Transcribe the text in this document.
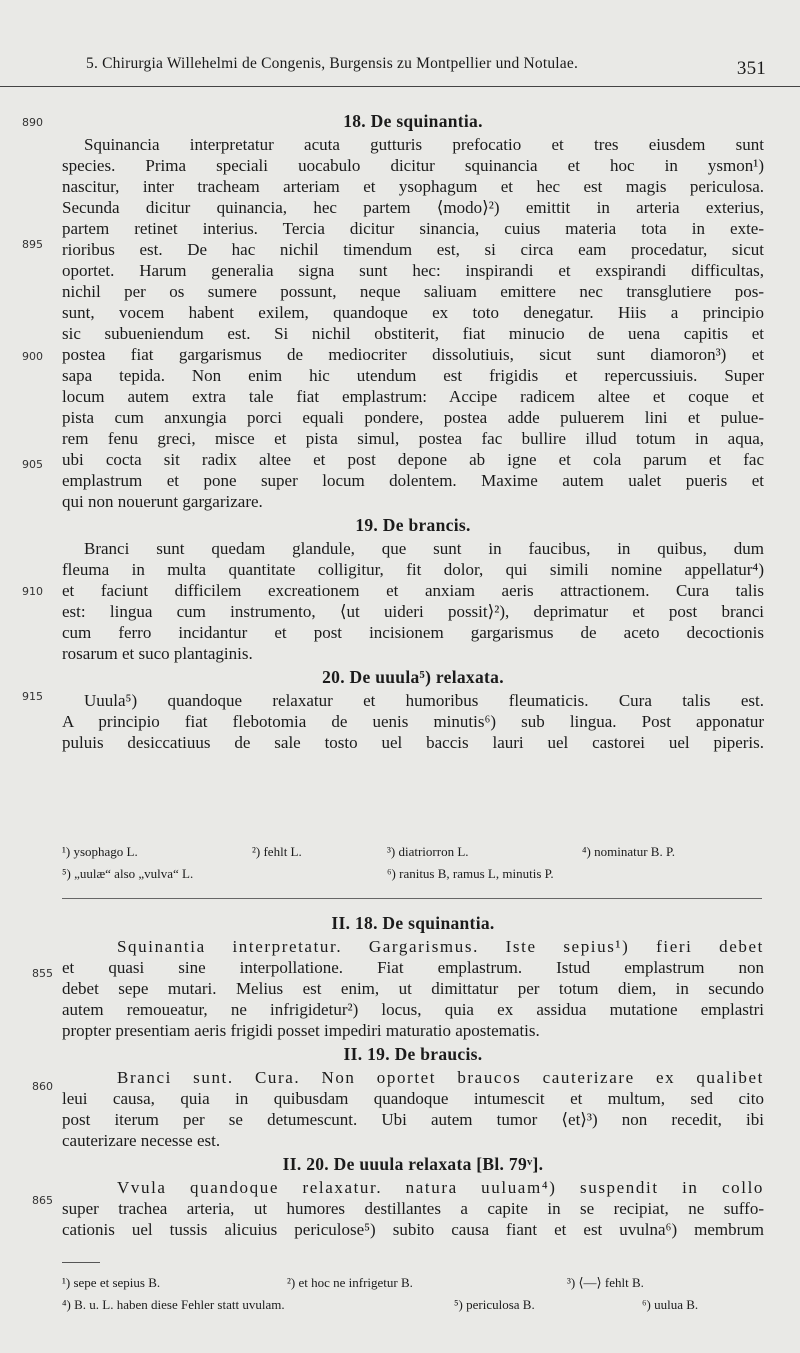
5. Chirurgia Willehelmi de Congenis, Burgensis zu Montpellier und Notulae.	351
890
895
900
905
910
915
18. De squinantia.
Squinancia interpretatur acuta gutturis prefocatio et tres eiusdem sunt
species. Prima speciali uocabulo dicitur squinancia et hoc in ysmon¹)
nascitur, inter tracheam arteriam et ysophagum et hec est magis periculosa.
Secunda dicitur quinancia, hec partem ⟨modo⟩²) emittit in arteria exterius,
partem retinet interius. Tercia dicitur sinancia, cuius materia tota in exte-
rioribus est. De hac nichil timendum est, si circa eam procedatur, sicut
oportet. Harum generalia signa sunt hec: inspirandi et exspirandi difficultas,
nichil per os sumere possunt, neque saliuam emittere nec transglutiere pos-
sunt, vocem habent exilem, quandoque ex toto denegatur. Hiis a principio
sic subueniendum est. Si nichil obstiterit, fiat minucio de uena capitis et
postea fiat gargarismus de mediocriter dissolutiuis, sicut sunt diamoron³) et
sapa tepida. Non enim hic utendum est frigidis et repercussiuis. Super
locum autem extra tale fiat emplastrum: Accipe radicem altee et coque et
pista cum anxungia porci equali pondere, postea adde puluerem lini et pulue-
rem fenu greci, misce et pista simul, postea fac bullire illud totum in aqua,
ubi cocta sit radix altee et post depone ab igne et cola parum et fac
emplastrum et pone super locum dolentem. Maxime autem ualet pueris et
qui non nouerunt gargarizare.
19. De brancis.
Branci sunt quedam glandule, que sunt in faucibus, in quibus, dum
fleuma in multa quantitate colligitur, fit dolor, qui simili nomine appellatur⁴)
et faciunt difficilem excreationem et anxiam aeris attractionem. Cura talis
est: lingua cum instrumento, ⟨ut uideri possit⟩²), deprimatur et post branci
cum ferro incidantur et post incisionem gargarismus de aceto decoctionis
rosarum et suco plantaginis.
20. De uuula⁵) relaxata.
Uuula⁵) quandoque relaxatur et humoribus fleumaticis. Cura talis est.
A principio fiat flebotomia de uenis minutis⁶) sub lingua. Post apponatur
puluis desiccatiuus de sale tosto uel baccis lauri uel castorei uel piperis.
¹) ysophago L.	²) fehlt L.	³) diatriorron L.	⁴) nominatur B. P.
⁵) „uulæ“ also „vulva“ L.	⁶) ranitus B, ramus L, minutis P.
855
860
865
II. 18. De squinantia.
Squinantia interpretatur. Gargarismus. Iste sepius¹) fieri debet
et quasi sine interpollatione. Fiat emplastrum. Istud emplastrum non
debet sepe mutari. Melius est enim, ut dimittatur per totum diem, in secundo
autem remoueatur, ne infrigidetur²) locus, quia ex assidua mutatione emplastri
propter presentiam aeris frigidi posset impediri maturatio apostematis.
II. 19. De braucis.
Branci sunt. Cura. Non oportet braucos cauterizare ex qualibet
leui causa, quia in quibusdam quandoque intumescit et multum, sed cito
post iterum per se detumescunt. Ubi autem tumor ⟨et⟩³) non recedit, ibi
cauterizare necesse est.
II. 20. De uuula relaxata [Bl. 79ᵛ].
Vvula quandoque relaxatur. natura uuluam⁴) suspendit in collo
super trachea arteria, ut humores destillantes a capite in se recipiat, ne suffo-
cationis uel tussis alicuius periculose⁵) subito causa fiant et est uvulna⁶) membrum
¹) sepe et sepius B.	²) et hoc ne infrigetur B.	³) ⟨—⟩ fehlt B.
⁴) B. u. L. haben diese Fehler statt uvulam.	⁵) periculosa B.	⁶) uulua B.
